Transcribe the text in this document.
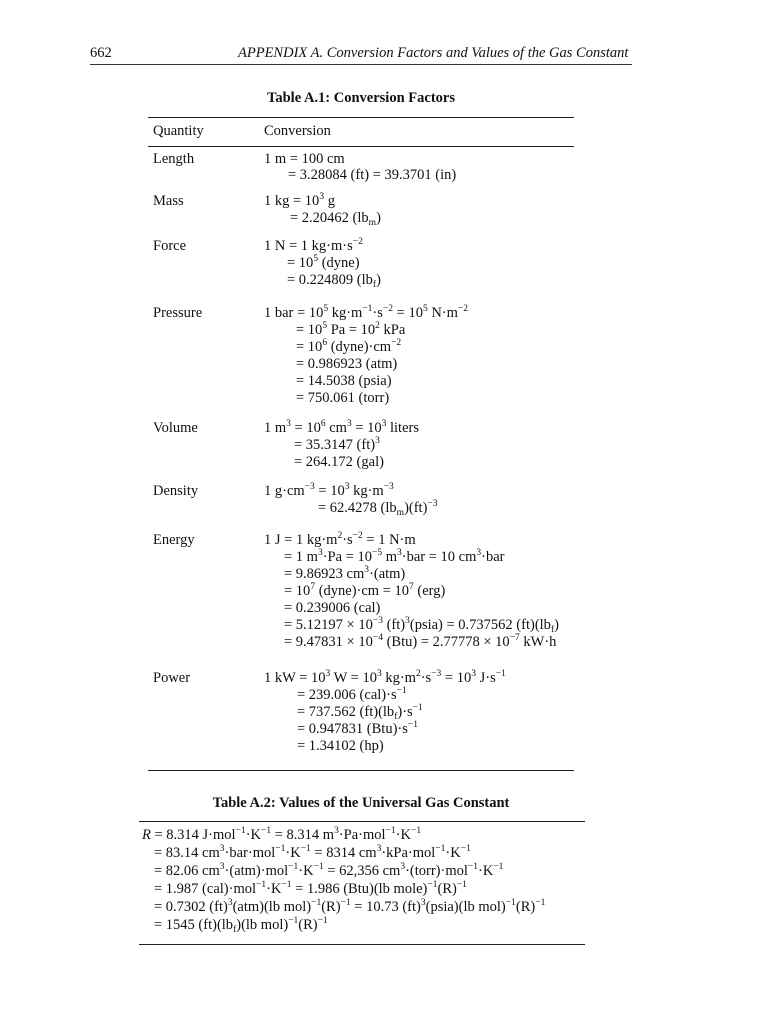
662	APPENDIX A. Conversion Factors and Values of the Gas Constant
Table A.1: Conversion Factors
Quantity	Conversion
Length	1 m = 100 cm
= 3.28084 (ft) = 39.3701 (in)
Mass	1 kg = $10^3$ g
= 2.20462 $(lb_m)$
Force	1 N = 1 $kg\cdot m\cdot s^{-2}$
= $10^5$ (dyne)
= 0.224809 $(lb_f)$
Pressure	1 bar = $10^5$ $kg\cdot m^{-1}\cdot s^{-2} = 10^5$ $N\cdot m^{-2}$
= $10^5$ $Pa = 10^2$ kPa
= $10^6$ $(dyne)\cdot cm^{-2}$
= 0.986923 (atm)
= 14.5038 (psia)
= 750.061 (torr)
Volume	1 $m^3 = 10^6$ $cm^3 = 10^3$ liters
= 35.3147 (ft)$^3$
= 264.172 (gal)
Density	1 $g\cdot cm^{-3} = 10^3$ $kg\cdot m^{-3}$
= 62.4278 $(lb_m)(ft)^{-3}$
Energy	1 J = 1 $kg\cdot m^2\cdot s^{-2} = 1$ N·m
= 1 $m^3\cdot Pa = 10^{-5}$ $m^3\cdot bar = 10$ $cm^3\cdot bar$
= 9.86923 $cm^3\cdot(atm)$
= $10^7$ (dyne)·cm = $10^7$ (erg)
= 0.239006 (cal)
= $5.12197 \times 10^{-3}$ (ft)$^3$(psia) = 0.737562 $(ft)(lb_f)$
= $9.47831 \times 10^{-4}$ $(Btu) = 2.77778 \times 10^{-7}$ kW·h
Power	1 kW = $10^3$ $W = 10^3$ $kg\cdot m^2\cdot s^{-3} = 10^3$ $J\cdot s^{-1}$
= 239.006 $(cal)\cdot s^{-1}$
= 737.562 $(ft)(lb_f)\cdot s^{-1}$
= 0.947831 $(Btu)\cdot s^{-1}$
= 1.34102 (hp)
Table A.2: Values of the Universal Gas Constant
R = 8.314 $J\cdot mol^{-1}\cdot K^{-1} = 8.314$ $m^3\cdot Pa\cdot mol^{-1}\cdot K^{-1}$
= 83.14 $cm^3\cdot bar\cdot mol^{-1}\cdot K^{-1} = 8314$ $cm^3\cdot kPa\cdot mol^{-1}\cdot K^{-1}$
= 82.06 $cm^3\cdot(atm)\cdot mol^{-1}\cdot K^{-1} = 62,356$ $cm^3\cdot(torr)\cdot mol^{-1}\cdot K^{-1}$
= 1.987 $(cal)\cdot mol^{-1}\cdot K^{-1} = 1.986$ (Btu)(lb $mole)^{-1}(R)^{-1}$
= 0.7302 (ft)$^3$(atm)(lb $mol)^{-1}(R)^{-1} = 10.73$ (ft)$^3$(psia)(lb $mol)^{-1}(R)^{-1}$
= 1545 $(ft)(lb_f)(lb$ $mol)^{-1}(R)^{-1}$
